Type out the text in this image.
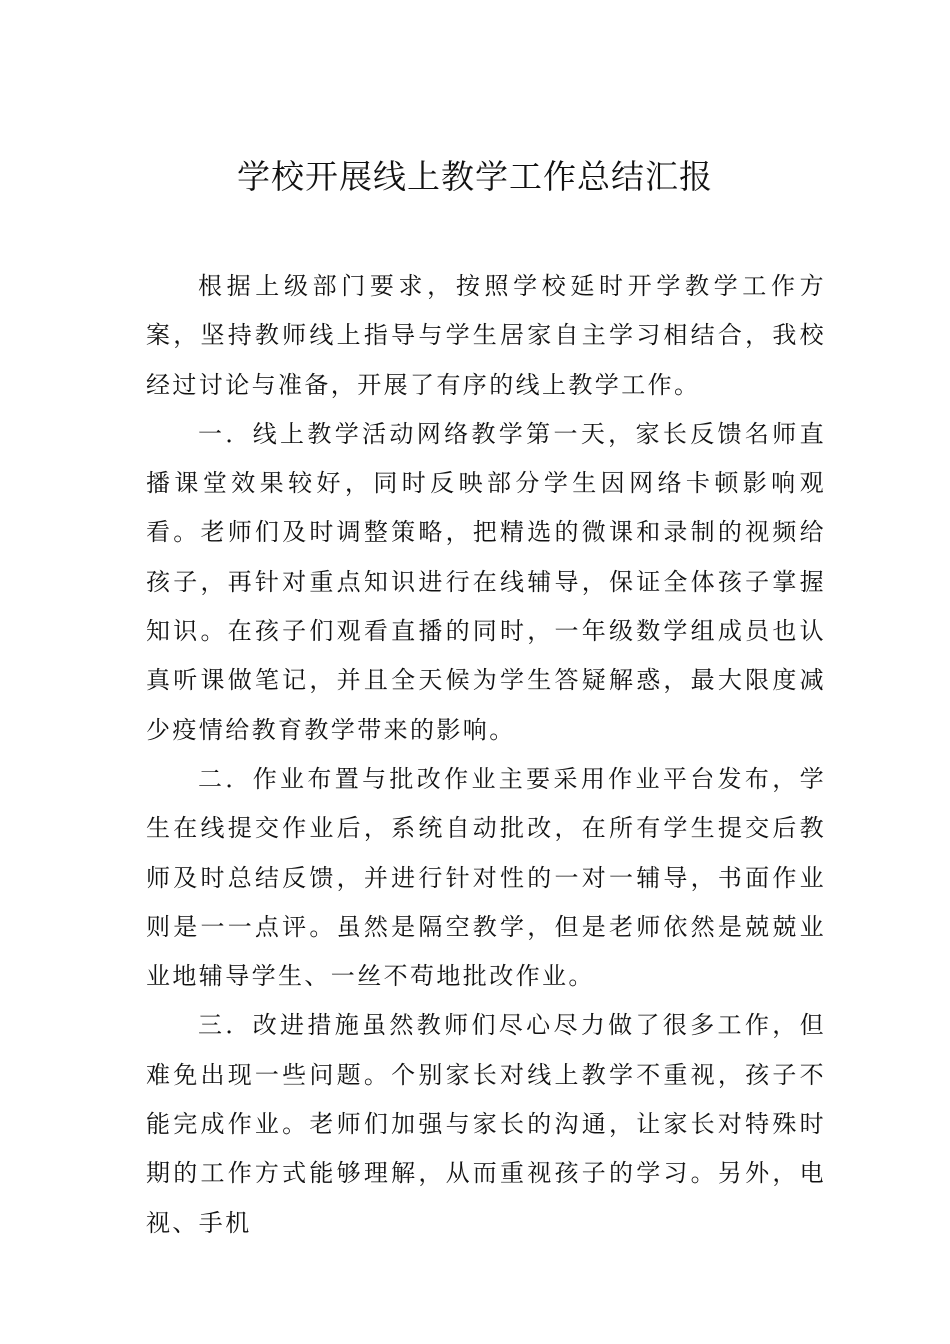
学校开展线上教学工作总结汇报

根据上级部门要求，按照学校延时开学教学工作方案，坚持教师线上指导与学生居家自主学习相结合，我校经过讨论与准备，开展了有序的线上教学工作。

一．线上教学活动网络教学第一天，家长反馈名师直播课堂效果较好，同时反映部分学生因网络卡顿影响观看。老师们及时调整策略，把精选的微课和录制的视频给孩子，再针对重点知识进行在线辅导，保证全体孩子掌握知识。在孩子们观看直播的同时，一年级数学组成员也认真听课做笔记，并且全天候为学生答疑解惑，最大限度减少疫情给教育教学带来的影响。

二．作业布置与批改作业主要采用作业平台发布，学生在线提交作业后，系统自动批改，在所有学生提交后教师及时总结反馈，并进行针对性的一对一辅导，书面作业则是一一点评。虽然是隔空教学，但是老师依然是兢兢业业地辅导学生、一丝不苟地批改作业。

三．改进措施虽然教师们尽心尽力做了很多工作，但难免出现一些问题。个别家长对线上教学不重视，孩子不能完成作业。老师们加强与家长的沟通，让家长对特殊时期的工作方式能够理解，从而重视孩子的学习。另外，电视、手机
